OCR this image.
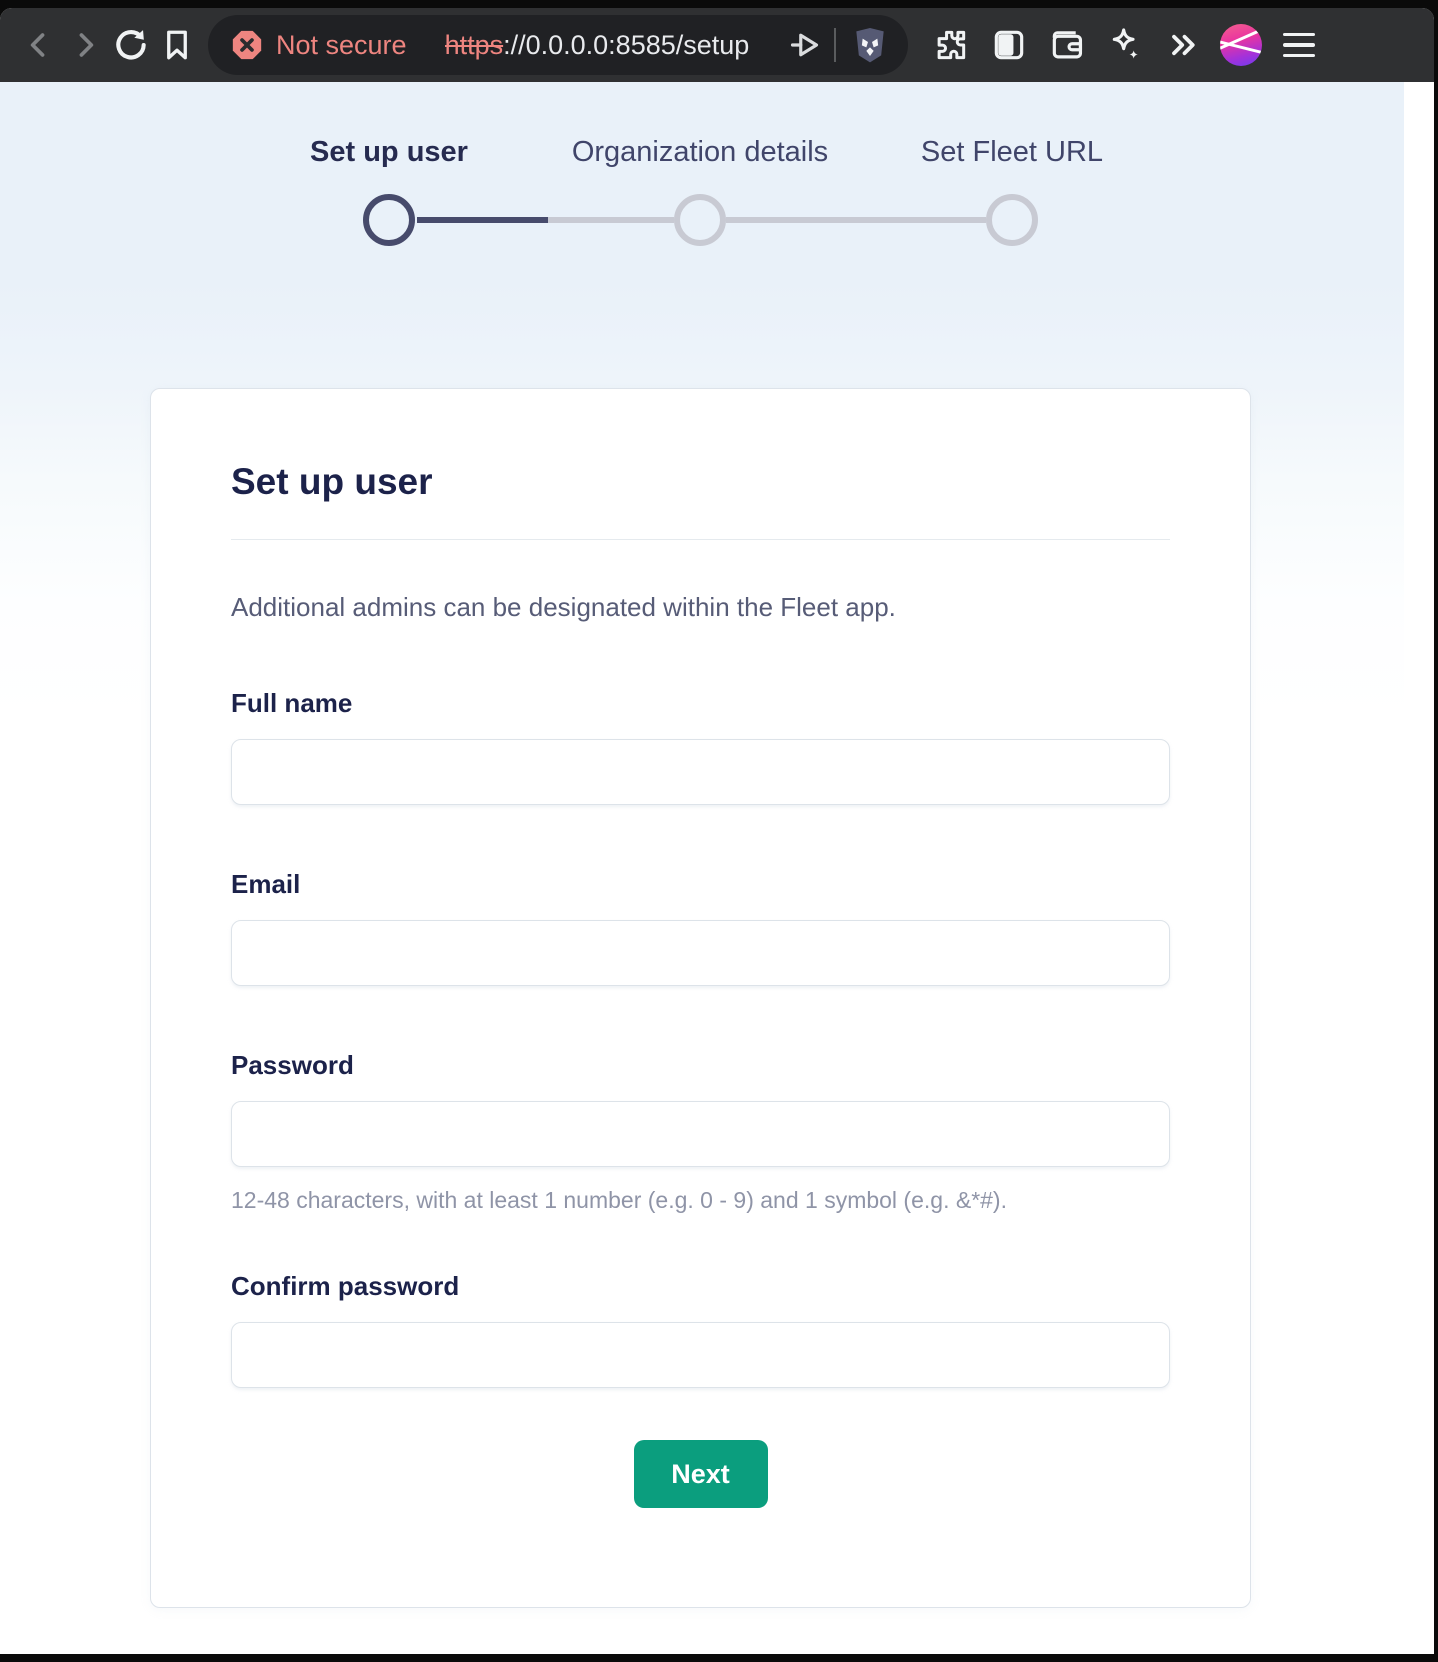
Not secure https://0.0.0.0:8585/setup
Set up user	Organization details	Set Fleet URL
Set up user

Additional admins can be designated within the Fleet app.

Full name
Email
Password

12-48 characters, with at least 1 number (e.g. 0 - 9) and 1 symbol (e.g. &*#).

Confirm password
Next
